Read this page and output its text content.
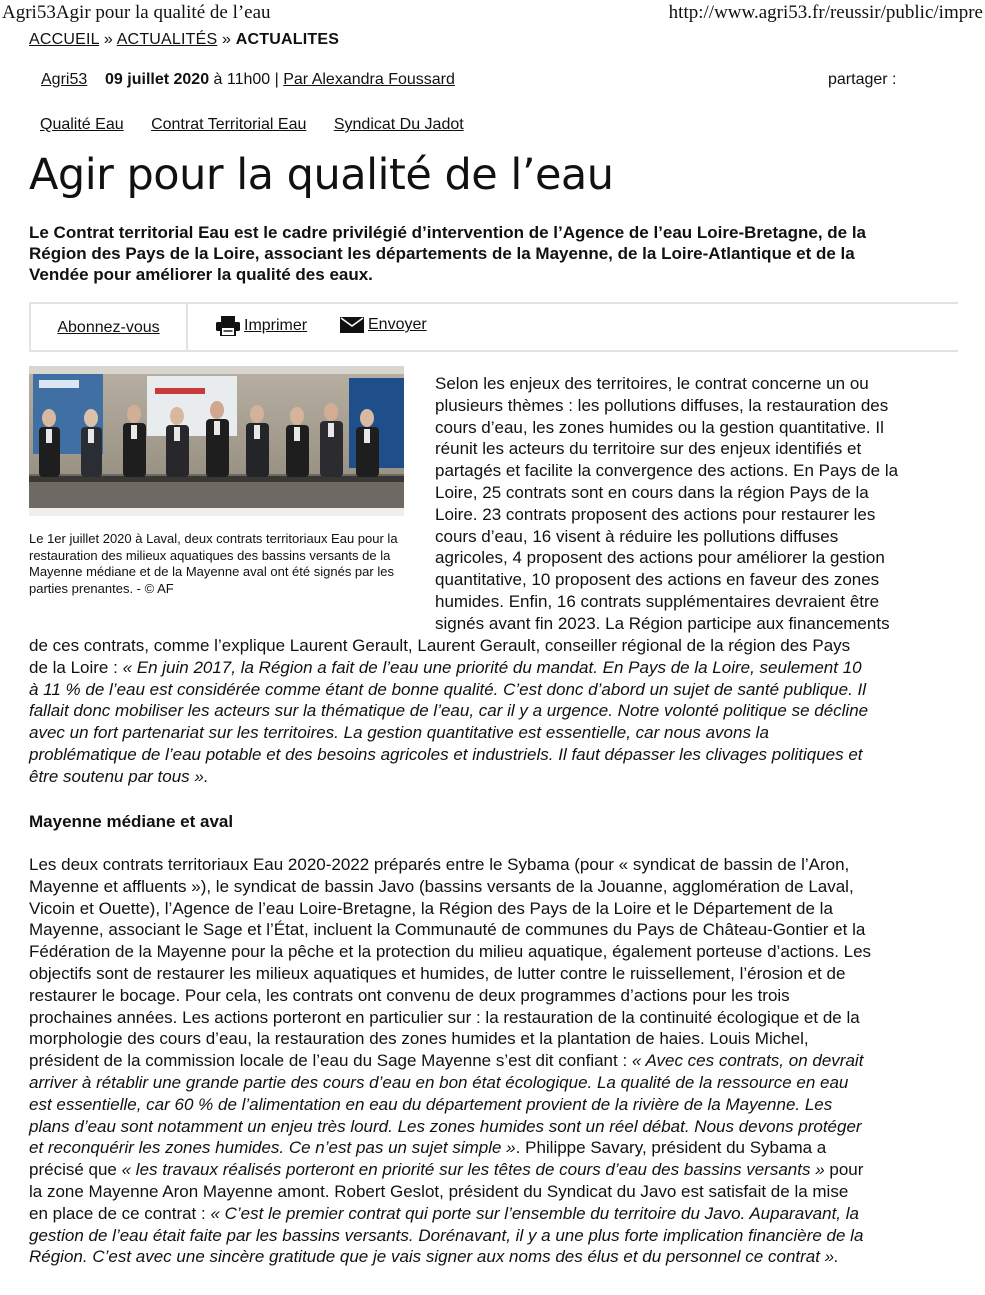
Agri53Agir pour la qualité de l’eau	http://www.agri53.fr/reussir/public/impre
ACCUEIL » ACTUALITÉS » ACTUALITES
Agri53 09 juillet 2020 à 11h00 | Par Alexandra Foussard	partager :
Qualité Eau Contrat Territorial Eau Syndicat Du Jadot
Agir pour la qualité de l’eau

Le Contrat territorial Eau est le cadre privilégié d’intervention de l’Agence de l’eau Loire-Bretagne, de la
Région des Pays de la Loire, associant les départements de la Mayenne, de la Loire-Atlantique et de la
Vendée pour améliorer la qualité des eaux.

Abonnez-vous	Imprimer	Envoyer

Le 1er juillet 2020 à Laval, deux contrats territoriaux Eau pour la restauration des milieux aquatiques des bassins versants de la Mayenne médiane et de la Mayenne aval ont été signés par les parties prenantes. - © AF

Selon les enjeux des territoires, le contrat concerne un ou
plusieurs thèmes : les pollutions diffuses, la restauration des
cours d’eau, les zones humides ou la gestion quantitative. Il
réunit les acteurs du territoire sur des enjeux identifiés et
partagés et facilite la convergence des actions. En Pays de la
Loire, 25 contrats sont en cours dans la région Pays de la
Loire. 23 contrats proposent des actions pour restaurer les
cours d’eau, 16 visent à réduire les pollutions diffuses
agricoles, 4 proposent des actions pour améliorer la gestion
quantitative, 10 proposent des actions en faveur des zones
humides. Enfin, 16 contrats supplémentaires devraient être
signés avant fin 2023. La Région participe aux financements

de ces contrats, comme l’explique Laurent Gerault, Laurent Gerault, conseiller régional de la région des Pays
de la Loire : « En juin 2017, la Région a fait de l’eau une priorité du mandat. En Pays de la Loire, seulement 10
à 11 % de l’eau est considérée comme étant de bonne qualité. C’est donc d’abord un sujet de santé publique. Il
fallait donc mobiliser les acteurs sur la thématique de l’eau, car il y a urgence. Notre volonté politique se décline
avec un fort partenariat sur les territoires. La gestion quantitative est essentielle, car nous avons la
problématique de l’eau potable et des besoins agricoles et industriels. Il faut dépasser les clivages politiques et
être soutenu par tous ».

Mayenne médiane et aval

Les deux contrats territoriaux Eau 2020-2022 préparés entre le Sybama (pour « syndicat de bassin de l’Aron,
Mayenne et affluents »), le syndicat de bassin Javo (bassins versants de la Jouanne, agglomération de Laval,
Vicoin et Ouette), l’Agence de l’eau Loire-Bretagne, la Région des Pays de la Loire et le Département de la
Mayenne, associant le Sage et l’État, incluent la Communauté de communes du Pays de Château-Gontier et la
Fédération de la Mayenne pour la pêche et la protection du milieu aquatique, également porteuse d’actions. Les
objectifs sont de restaurer les milieux aquatiques et humides, de lutter contre le ruissellement, l’érosion et de
restaurer le bocage. Pour cela, les contrats ont convenu de deux programmes d’actions pour les trois
prochaines années. Les actions porteront en particulier sur : la restauration de la continuité écologique et de la
morphologie des cours d’eau, la restauration des zones humides et la plantation de haies. Louis Michel,
président de la commission locale de l’eau du Sage Mayenne s’est dit confiant : « Avec ces contrats, on devrait
arriver à rétablir une grande partie des cours d’eau en bon état écologique. La qualité de la ressource en eau
est essentielle, car 60 % de l’alimentation en eau du département provient de la rivière de la Mayenne. Les
plans d’eau sont notamment un enjeu très lourd. Les zones humides sont un réel débat. Nous devons protéger
et reconquérir les zones humides. Ce n’est pas un sujet simple ». Philippe Savary, président du Sybama a
précisé que « les travaux réalisés porteront en priorité sur les têtes de cours d’eau des bassins versants » pour
la zone Mayenne Aron Mayenne amont. Robert Geslot, président du Syndicat du Javo est satisfait de la mise
en place de ce contrat : « C’est le premier contrat qui porte sur l’ensemble du territoire du Javo. Auparavant, la
gestion de l’eau était faite par les bassins versants. Dorénavant, il y a une plus forte implication financière de la
Région. C’est avec une sincère gratitude que je vais signer aux noms des élus et du personnel ce contrat ».
